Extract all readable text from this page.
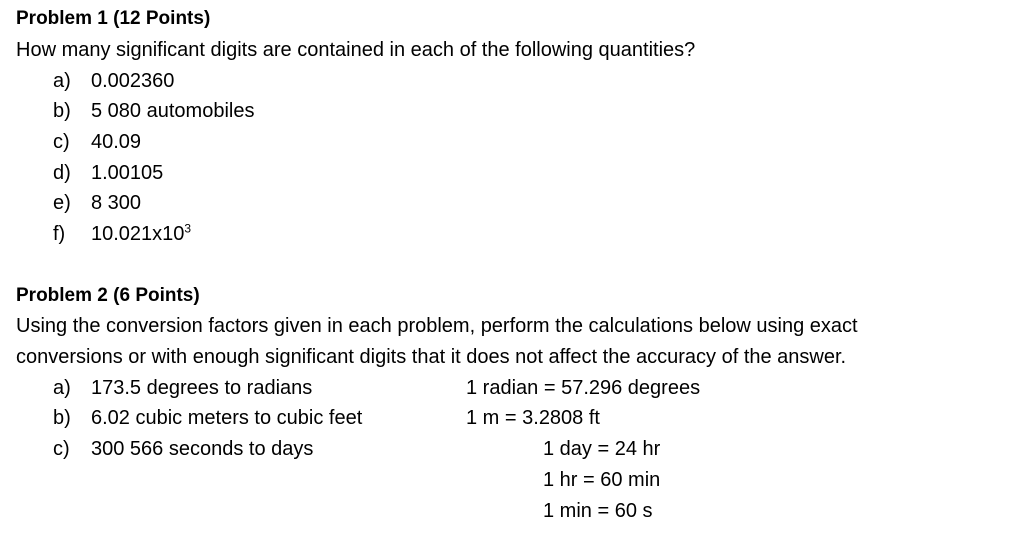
Problem 1 (12 Points)
How many significant digits are contained in each of the following quantities?
a) 0.002360
b) 5 080 automobiles
c) 40.09
d) 1.00105
e) 8 300
f) $10.021x10^3$
Problem 2 (6 Points)
Using the conversion factors given in each problem, perform the calculations below using exact
conversions or with enough significant digits that it does not affect the accuracy of the answer.
a) 173.5 degrees to radians	1 radian = 57.296 degrees
b) 6.02 cubic meters to cubic feet	1 m = 3.2808 ft
c) 300 566 seconds to days	1 day = 24 hr
1 hr = 60 min
1 min = 60 s
